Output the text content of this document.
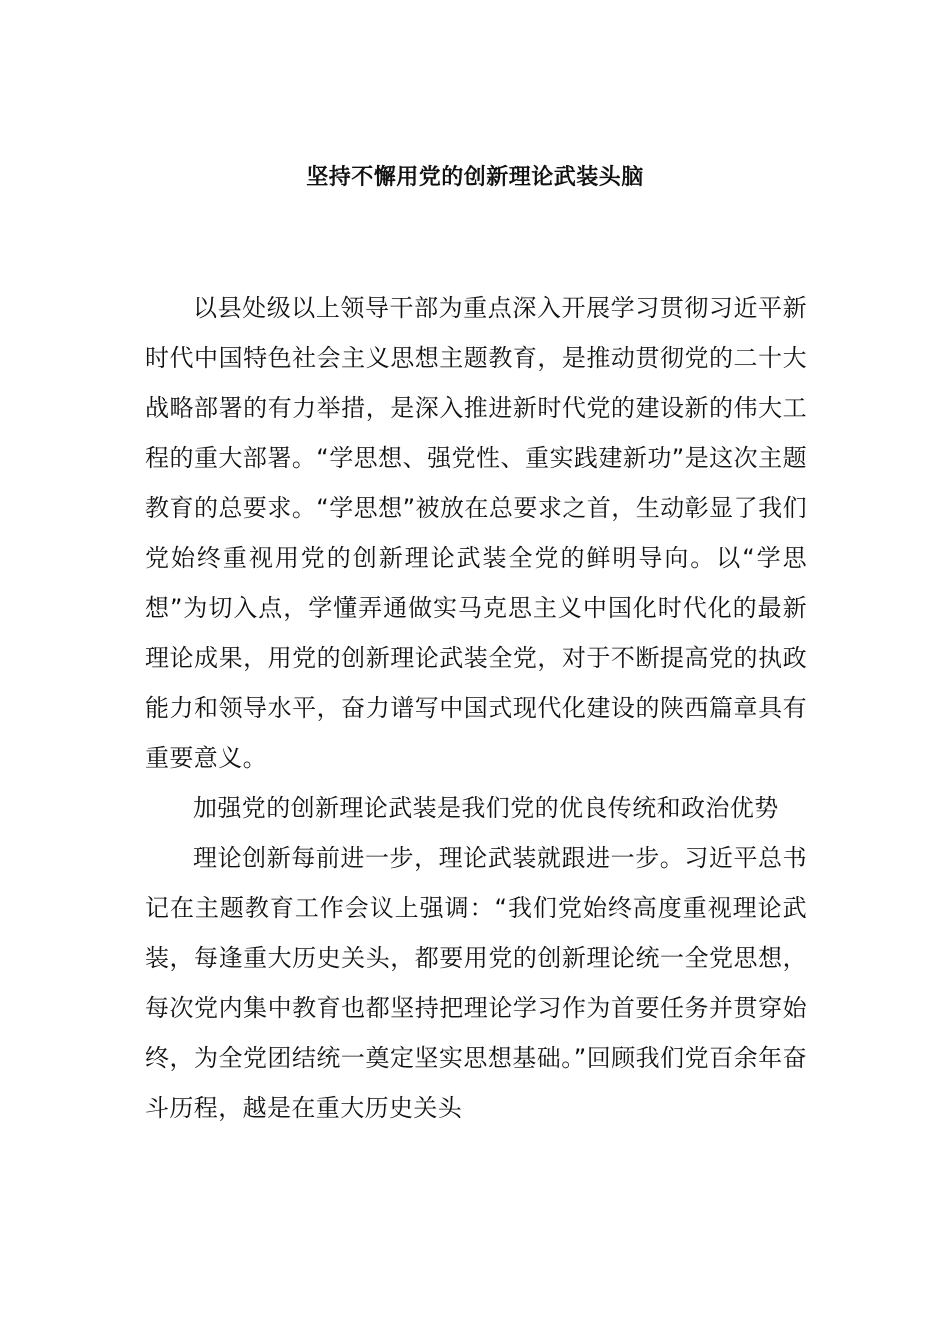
坚持不懈用党的创新理论武装头脑

以县处级以上领导干部为重点深入开展学习贯彻习近平新时代中国特色社会主义思想主题教育，是推动贯彻党的二十大战略部署的有力举措，是深入推进新时代党的建设新的伟大工程的重大部署。“学思想、强党性、重实践建新功”是这次主题教育的总要求。“学思想”被放在总要求之首，生动彰显了我们党始终重视用党的创新理论武装全党的鲜明导向。以“学思想”为切入点，学懂弄通做实马克思主义中国化时代化的最新理论成果，用党的创新理论武装全党，对于不断提高党的执政能力和领导水平，奋力谱写中国式现代化建设的陕西篇章具有重要意义。

加强党的创新理论武装是我们党的优良传统和政治优势

理论创新每前进一步，理论武装就跟进一步。习近平总书记在主题教育工作会议上强调：“我们党始终高度重视理论武装，每逢重大历史关头，都要用党的创新理论统一全党思想，每次党内集中教育也都坚持把理论学习作为首要任务并贯穿始终，为全党团结统一奠定坚实思想基础。”回顾我们党百余年奋斗历程，越是在重大历史关头
